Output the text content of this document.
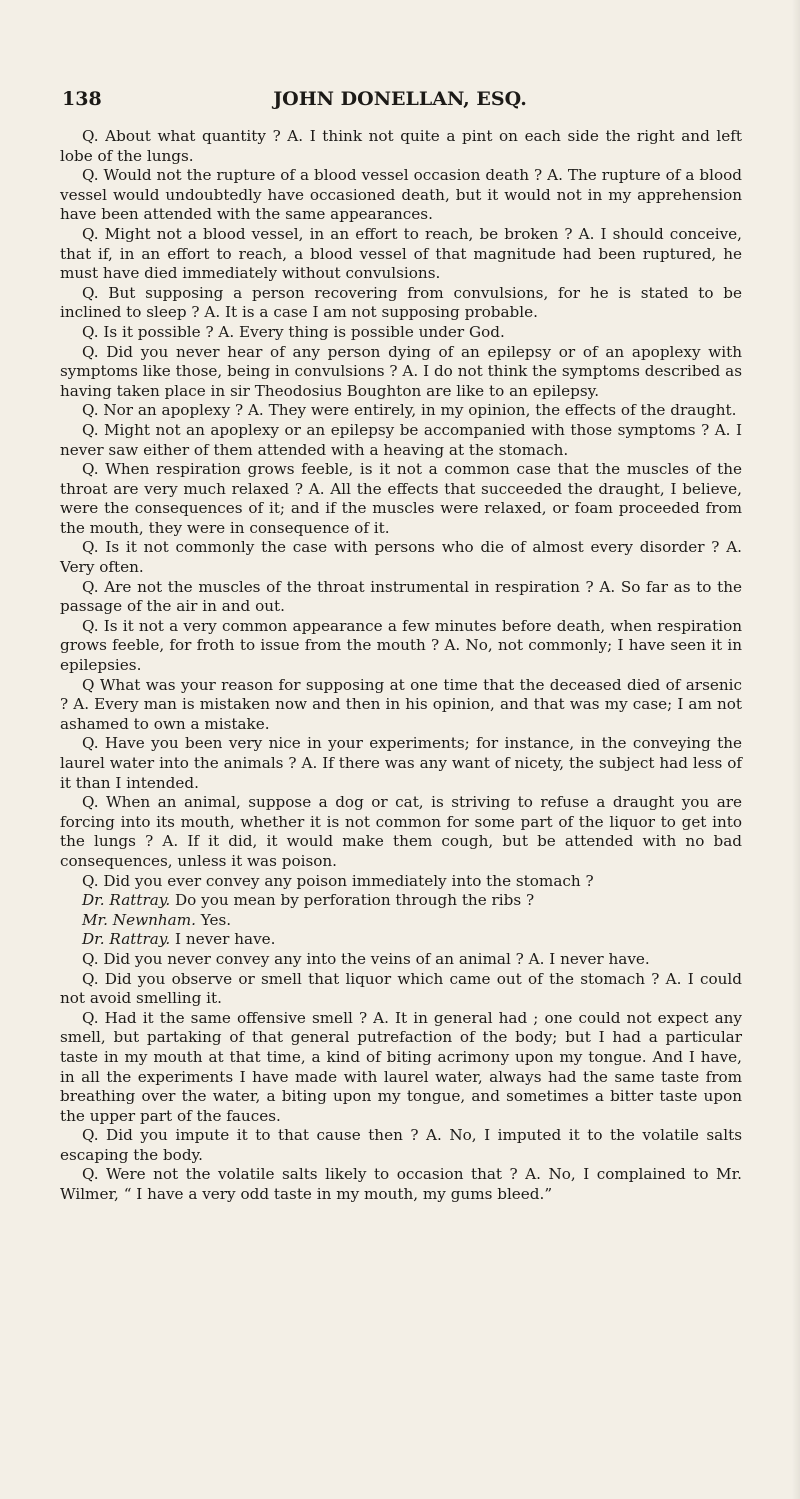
138	JOHN DONELLAN, ESQ.

Q. About what quantity ? A. I think not quite a pint on each side the right and left lobe of the lungs.

Q. Would not the rupture of a blood vessel occasion death ? A. The rupture of a blood vessel would undoubtedly have occasioned death, but it would not in my apprehension have been attended with the same appearances.

Q. Might not a blood vessel, in an effort to reach, be broken ? A. I should conceive, that if, in an effort to reach, a blood vessel of that magnitude had been ruptured, he must have died immediately without convulsions.

Q. But supposing a person recovering from convulsions, for he is stated to be inclined to sleep ? A. It is a case I am not supposing probable.

Q. Is it possible ? A. Every thing is possible under God.

Q. Did you never hear of any person dying of an epilepsy or of an apoplexy with symptoms like those, being in convulsions ? A. I do not think the symptoms described as having taken place in sir Theodosius Boughton are like to an epilepsy.

Q. Nor an apoplexy ? A. They were entirely, in my opinion, the effects of the draught.

Q. Might not an apoplexy or an epilepsy be accompanied with those symptoms ? A. I never saw either of them attended with a heaving at the stomach.

Q. When respiration grows feeble, is it not a common case that the muscles of the throat are very much relaxed ? A. All the effects that succeeded the draught, I believe, were the consequences of it; and if the muscles were relaxed, or foam proceeded from the mouth, they were in consequence of it.

Q. Is it not commonly the case with persons who die of almost every disorder ? A. Very often.

Q. Are not the muscles of the throat instrumental in respiration ? A. So far as to the passage of the air in and out.

Q. Is it not a very common appearance a few minutes before death, when respiration grows feeble, for froth to issue from the mouth ? A. No, not commonly; I have seen it in epilepsies.

Q What was your reason for supposing at one time that the deceased died of arsenic ? A. Every man is mistaken now and then in his opinion, and that was my case; I am not ashamed to own a mistake.

Q. Have you been very nice in your experiments; for instance, in the conveying the laurel water into the animals ? A. If there was any want of nicety, the subject had less of it than I intended.

Q. When an animal, suppose a dog or cat, is striving to refuse a draught you are forcing into its mouth, whether it is not common for some part of the liquor to get into the lungs ? A. If it did, it would make them cough, but be attended with no bad consequences, unless it was poison.

Q. Did you ever convey any poison immediately into the stomach ?

Dr. Rattray. Do you mean by perforation through the ribs ?

Mr. Newnham. Yes.

Dr. Rattray. I never have.

Q. Did you never convey any into the veins of an animal ? A. I never have.

Q. Did you observe or smell that liquor which came out of the stomach ? A. I could not avoid smelling it.

Q. Had it the same offensive smell ? A. It in general had ; one could not expect any smell, but partaking of that general putrefaction of the body; but I had a particular taste in my mouth at that time, a kind of biting acrimony upon my tongue. And I have, in all the experiments I have made with laurel water, always had the same taste from breathing over the water, a biting upon my tongue, and sometimes a bitter taste upon the upper part of the fauces.

Q. Did you impute it to that cause then ? A. No, I imputed it to the volatile salts escaping the body.

Q. Were not the volatile salts likely to occasion that ? A. No, I complained to Mr. Wilmer, “ I have a very odd taste in my mouth, my gums bleed.”
